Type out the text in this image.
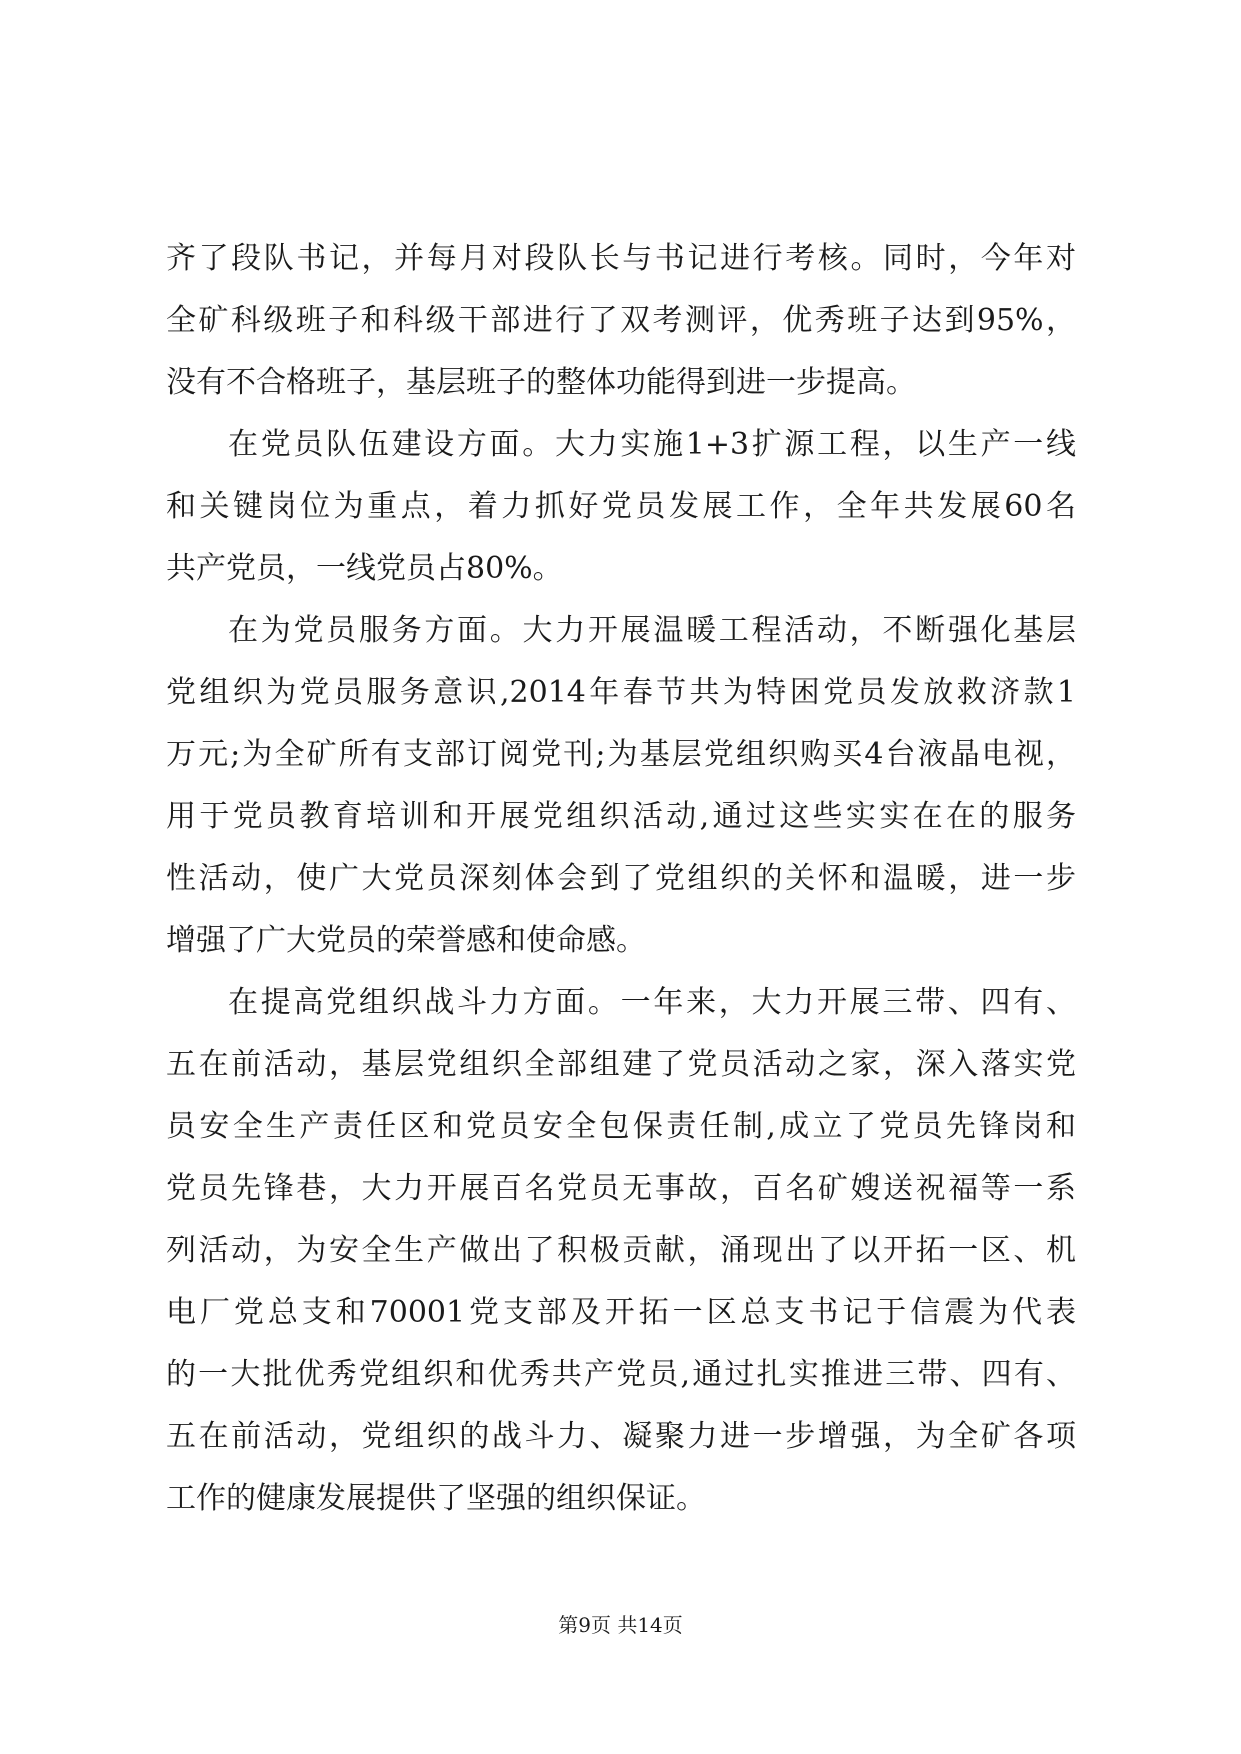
齐了段队书记，并每月对段队长与书记进行考核。同时，今年对
全矿科级班子和科级干部进行了双考测评，优秀班子达到95%，
没有不合格班子，基层班子的整体功能得到进一步提高。
在党员队伍建设方面。大力实施1+3扩源工程，以生产一线
和关键岗位为重点，着力抓好党员发展工作，全年共发展60名
共产党员，一线党员占80%。
在为党员服务方面。大力开展温暖工程活动，不断强化基层
党组织为党员服务意识,2014年春节共为特困党员发放救济款1
万元;为全矿所有支部订阅党刊;为基层党组织购买4台液晶电视，
用于党员教育培训和开展党组织活动,通过这些实实在在的服务
性活动，使广大党员深刻体会到了党组织的关怀和温暖，进一步
增强了广大党员的荣誉感和使命感。
在提高党组织战斗力方面。一年来，大力开展三带、四有、
五在前活动，基层党组织全部组建了党员活动之家，深入落实党
员安全生产责任区和党员安全包保责任制,成立了党员先锋岗和
党员先锋巷，大力开展百名党员无事故，百名矿嫂送祝福等一系
列活动，为安全生产做出了积极贡献，涌现出了以开拓一区、机
电厂党总支和70001党支部及开拓一区总支书记于信震为代表
的一大批优秀党组织和优秀共产党员,通过扎实推进三带、四有、
五在前活动，党组织的战斗力、凝聚力进一步增强，为全矿各项
工作的健康发展提供了坚强的组织保证。
第9页 共14页
